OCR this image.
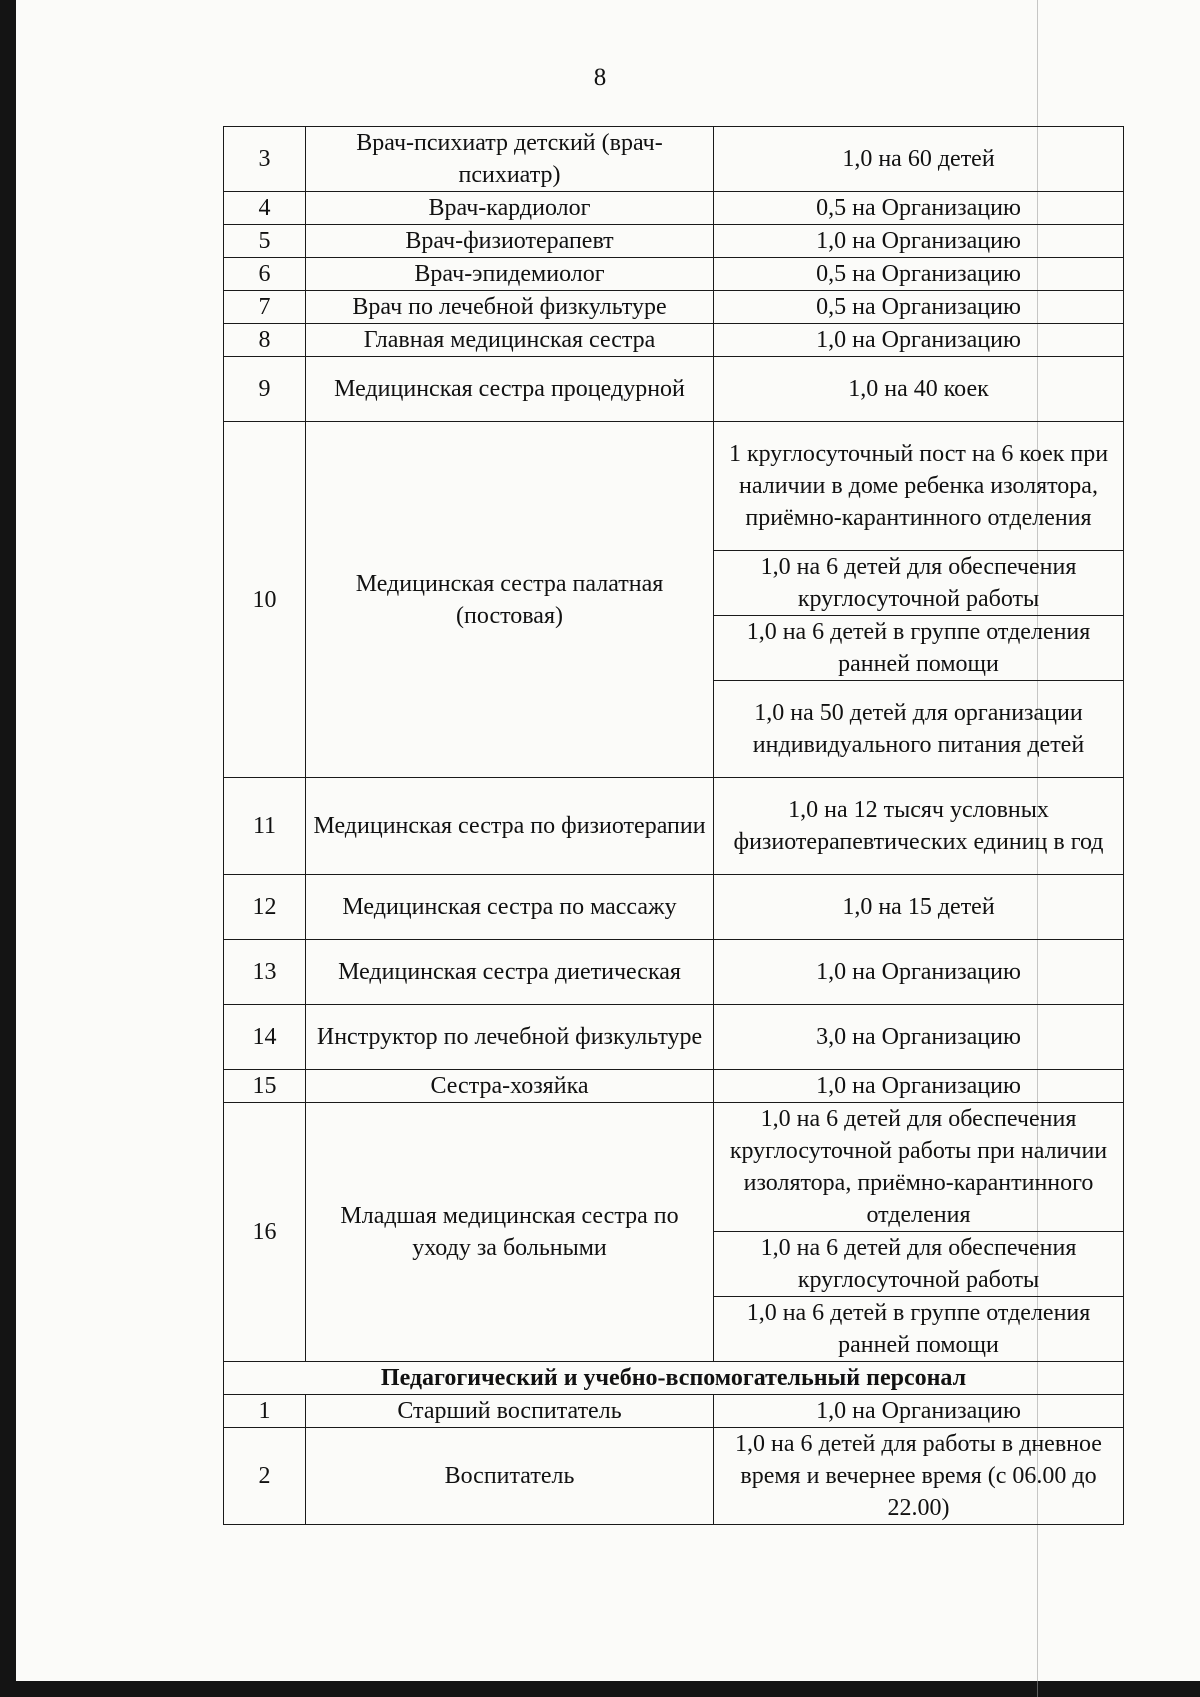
8
3	Врач-психиатр детский (врач-психиатр)	1,0 на 60 детей
4	Врач-кардиолог	0,5 на Организацию
5	Врач-физиотерапевт	1,0 на Организацию
6	Врач-эпидемиолог	0,5 на Организацию
7	Врач по лечебной физкультуре	0,5 на Организацию
8	Главная медицинская сестра	1,0 на Организацию
9	Медицинская сестра процедурной	1,0 на 40 коек
10	Медицинская сестра палатная (постовая)	1 круглосуточный пост на 6 коек при наличии в доме ребенка изолятора, приёмно-карантинного отделения
		1,0 на 6 детей для обеспечения круглосуточной работы
		1,0 на 6 детей в группе отделения ранней помощи
		1,0 на 50 детей для организации индивидуального питания детей
11	Медицинская сестра по физиотерапии	1,0 на 12 тысяч условных физиотерапевтических единиц в год
12	Медицинская сестра по массажу	1,0 на 15 детей
13	Медицинская сестра диетическая	1,0 на Организацию
14	Инструктор по лечебной физкультуре	3,0 на Организацию
15	Сестра-хозяйка	1,0 на Организацию
16	Младшая медицинская сестра по уходу за больными	1,0 на 6 детей для обеспечения круглосуточной работы при наличии изолятора, приёмно-карантинного отделения
		1,0 на 6 детей для обеспечения круглосуточной работы
		1,0 на 6 детей в группе отделения ранней помощи
Педагогический и учебно-вспомогательный персонал		
1	Старший воспитатель	1,0 на Организацию
2	Воспитатель	1,0 на 6 детей для работы в дневное время и вечернее время (с 06.00 до 22.00)
